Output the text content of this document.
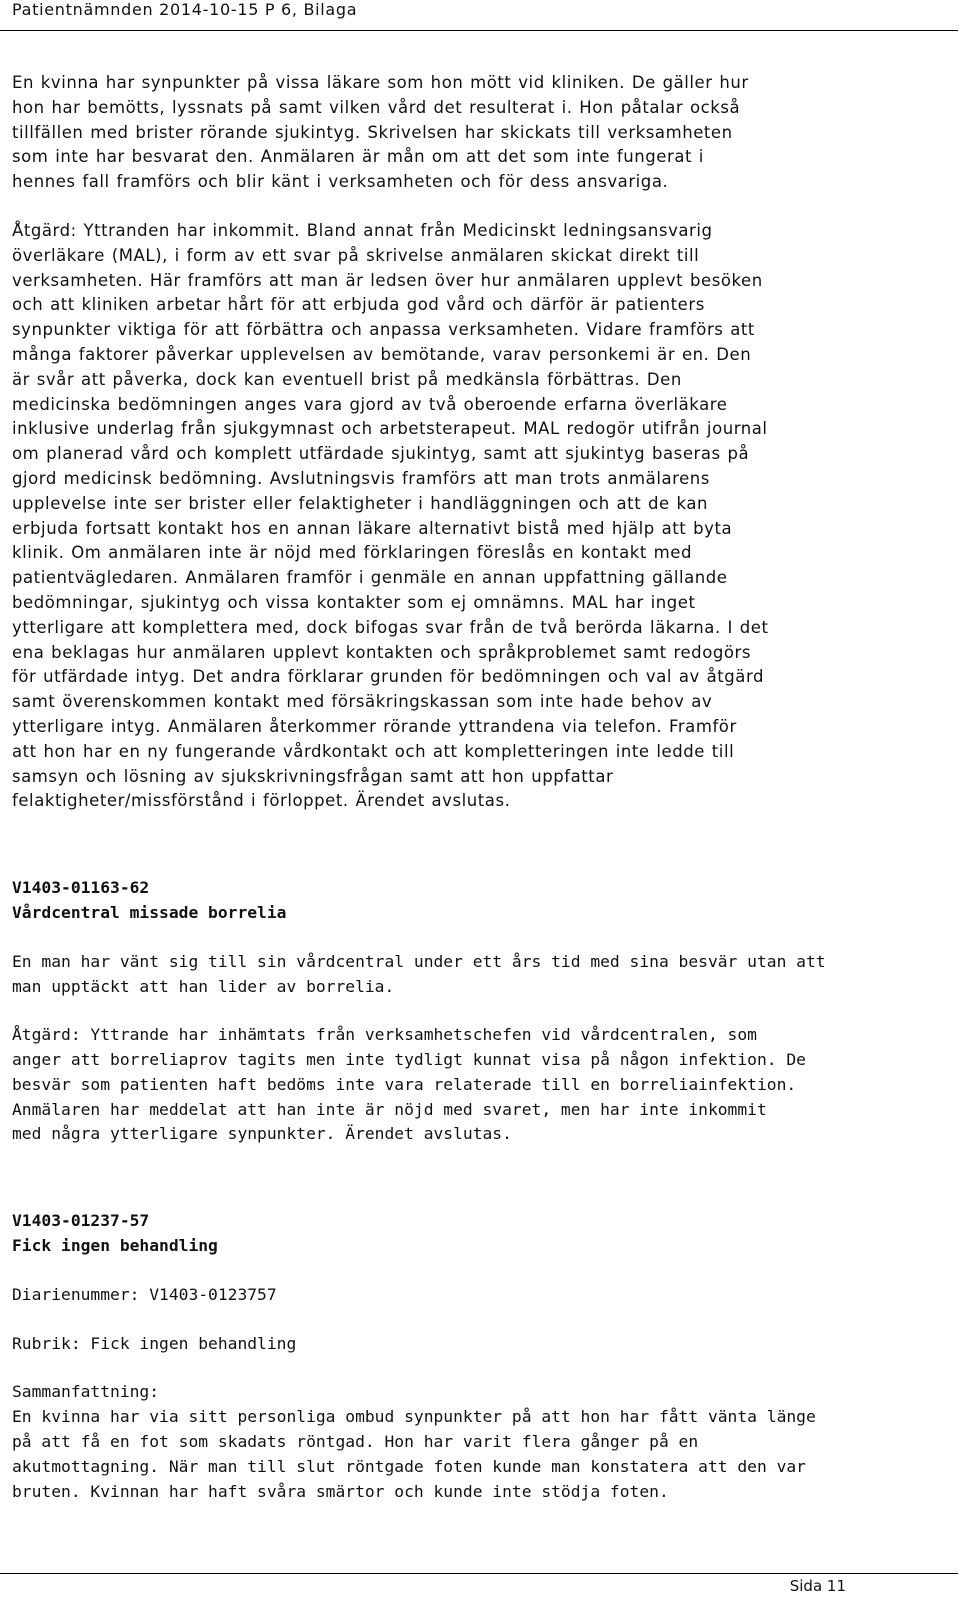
Patientnämnden 2014-10-15 P 6, Bilaga

En kvinna har synpunkter på vissa läkare som hon mött vid kliniken. De gäller hur
hon har bemötts, lyssnats på samt vilken vård det resulterat i. Hon påtalar också
tillfällen med brister rörande sjukintyg. Skrivelsen har skickats till verksamheten
som inte har besvarat den. Anmälaren är mån om att det som inte fungerat i
hennes fall framförs och blir känt i verksamheten och för dess ansvariga.

Åtgärd: Yttranden har inkommit. Bland annat från Medicinskt ledningsansvarig
överläkare (MAL), i form av ett svar på skrivelse anmälaren skickat direkt till
verksamheten. Här framförs att man är ledsen över hur anmälaren upplevt besöken
och att kliniken arbetar hårt för att erbjuda god vård och därför är patienters
synpunkter viktiga för att förbättra och anpassa verksamheten. Vidare framförs att
många faktorer påverkar upplevelsen av bemötande, varav personkemi är en. Den
är svår att påverka, dock kan eventuell brist på medkänsla förbättras. Den
medicinska bedömningen anges vara gjord av två oberoende erfarna överläkare
inklusive underlag från sjukgymnast och arbetsterapeut. MAL redogör utifrån journal
om planerad vård och komplett utfärdade sjukintyg, samt att sjukintyg baseras på
gjord medicinsk bedömning. Avslutningsvis framförs att man trots anmälarens
upplevelse inte ser brister eller felaktigheter i handläggningen och att de kan
erbjuda fortsatt kontakt hos en annan läkare alternativt bistå med hjälp att byta
klinik. Om anmälaren inte är nöjd med förklaringen föreslås en kontakt med
patientvägledaren. Anmälaren framför i genmäle en annan uppfattning gällande
bedömningar, sjukintyg och vissa kontakter som ej omnämns. MAL har inget
ytterligare att komplettera med, dock bifogas svar från de två berörda läkarna. I det
ena beklagas hur anmälaren upplevt kontakten och språkproblemet samt redogörs
för utfärdade intyg. Det andra förklarar grunden för bedömningen och val av åtgärd
samt överenskommen kontakt med försäkringskassan som inte hade behov av
ytterligare intyg. Anmälaren återkommer rörande yttrandena via telefon. Framför
att hon har en ny fungerande vårdkontakt och att kompletteringen inte ledde till
samsyn och lösning av sjukskrivningsfrågan samt att hon uppfattar
felaktigheter/missförstånd i förloppet. Ärendet avslutas.

V1403-01163-62
Vårdcentral missade borrelia

En man har vänt sig till sin vårdcentral under ett års tid med sina besvär utan att
man upptäckt att han lider av borrelia.

Åtgärd: Yttrande har inhämtats från verksamhetschefen vid vårdcentralen, som
anger att borreliaprov tagits men inte tydligt kunnat visa på någon infektion. De
besvär som patienten haft bedöms inte vara relaterade till en borreliainfektion.
Anmälaren har meddelat att han inte är nöjd med svaret, men har inte inkommit
med några ytterligare synpunkter. Ärendet avslutas.

V1403-01237-57
Fick ingen behandling

Diarienummer: V1403-0123757

Rubrik: Fick ingen behandling

Sammanfattning:

En kvinna har via sitt personliga ombud synpunkter på att hon har fått vänta länge
på att få en fot som skadats röntgad. Hon har varit flera gånger på en
akutmottagning. När man till slut röntgade foten kunde man konstatera att den var
bruten. Kvinnan har haft svåra smärtor och kunde inte stödja foten.

Sida 11
